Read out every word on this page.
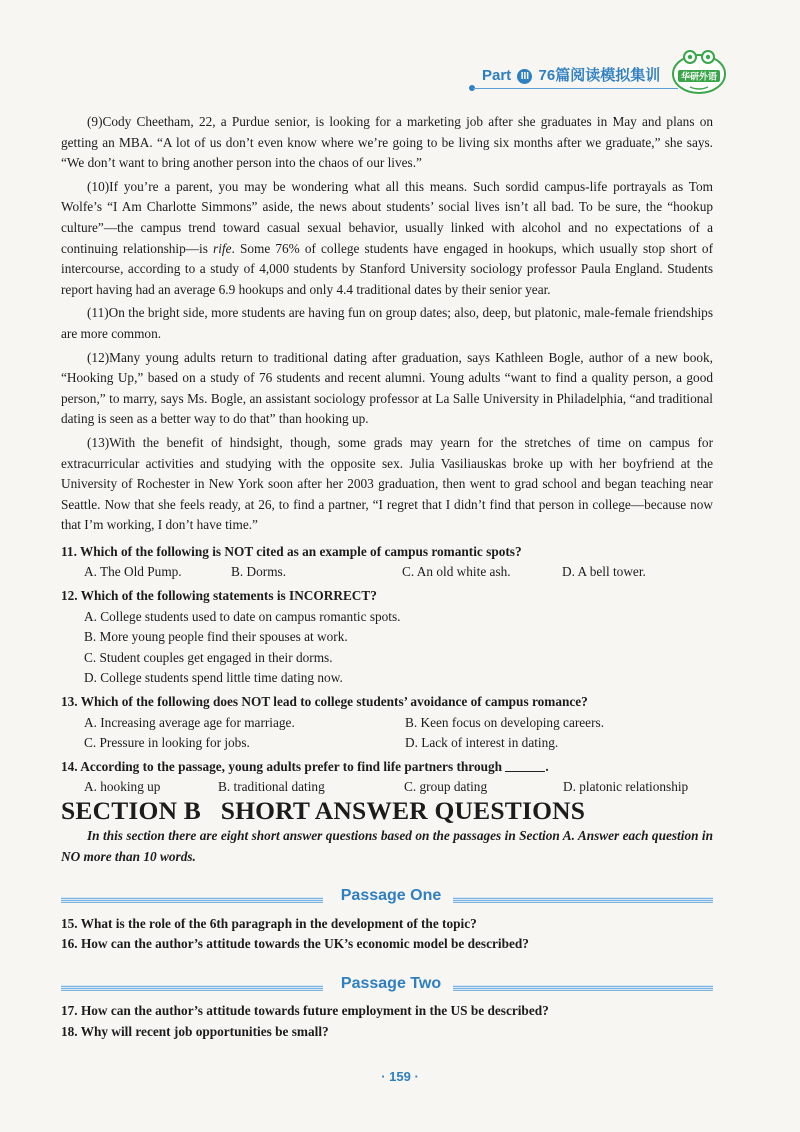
Part III 76篇阅读模拟集训 华研外语

(9)Cody Cheetham, 22, a Purdue senior, is looking for a marketing job after she graduates in May and plans on getting an MBA. “A lot of us don’t even know where we’re going to be living six months after we graduate,” she says. “We don’t want to bring another person into the chaos of our lives.”

(10)If you’re a parent, you may be wondering what all this means. Such sordid campus-life portrayals as Tom Wolfe’s “I Am Charlotte Simmons” aside, the news about students’ social lives isn’t all bad. To be sure, the “hookup culture”—the campus trend toward casual sexual behavior, usually linked with alcohol and no expectations of a continuing relationship—is rife. Some 76% of college students have engaged in hookups, which usually stop short of intercourse, according to a study of 4,000 students by Stanford University sociology professor Paula England. Students report having had an average 6.9 hookups and only 4.4 traditional dates by their senior year.

(11)On the bright side, more students are having fun on group dates; also, deep, but platonic, male-female friendships are more common.

(12)Many young adults return to traditional dating after graduation, says Kathleen Bogle, author of a new book, “Hooking Up,” based on a study of 76 students and recent alumni. Young adults “want to find a quality person, a good person,” to marry, says Ms. Bogle, an assistant sociology professor at La Salle University in Philadelphia, “and traditional dating is seen as a better way to do that” than hooking up.

(13)With the benefit of hindsight, though, some grads may yearn for the stretches of time on campus for extracurricular activities and studying with the opposite sex. Julia Vasiliauskas broke up with her boyfriend at the University of Rochester in New York soon after her 2003 graduation, then went to grad school and began teaching near Seattle. Now that she feels ready, at 26, to find a partner, “I regret that I didn’t find that person in college—because now that I’m working, I don’t have time.”

11. Which of the following is NOT cited as an example of campus romantic spots?
A. The Old Pump.	B. Dorms.	C. An old white ash.	D. A bell tower.
12. Which of the following statements is INCORRECT?
A. College students used to date on campus romantic spots.
B. More young people find their spouses at work.
C. Student couples get engaged in their dorms.
D. College students spend little time dating now.
13. Which of the following does NOT lead to college students’ avoidance of campus romance?
A. Increasing average age for marriage.	B. Keen focus on developing careers.
C. Pressure in looking for jobs.	D. Lack of interest in dating.
14. According to the passage, young adults prefer to find life partners through	.
A. hooking up	B. traditional dating	C. group dating	D. platonic relationship
SECTION B   SHORT ANSWER QUESTIONS
In this section there are eight short answer questions based on the passages in Section A. Answer each question in NO more than 10 words.
Passage One
15. What is the role of the 6th paragraph in the development of the topic?
16. How can the author’s attitude towards the UK’s economic model be described?
Passage Two
17. How can the author’s attitude towards future employment in the US be described?
18. Why will recent job opportunities be small?
· 159 ·
